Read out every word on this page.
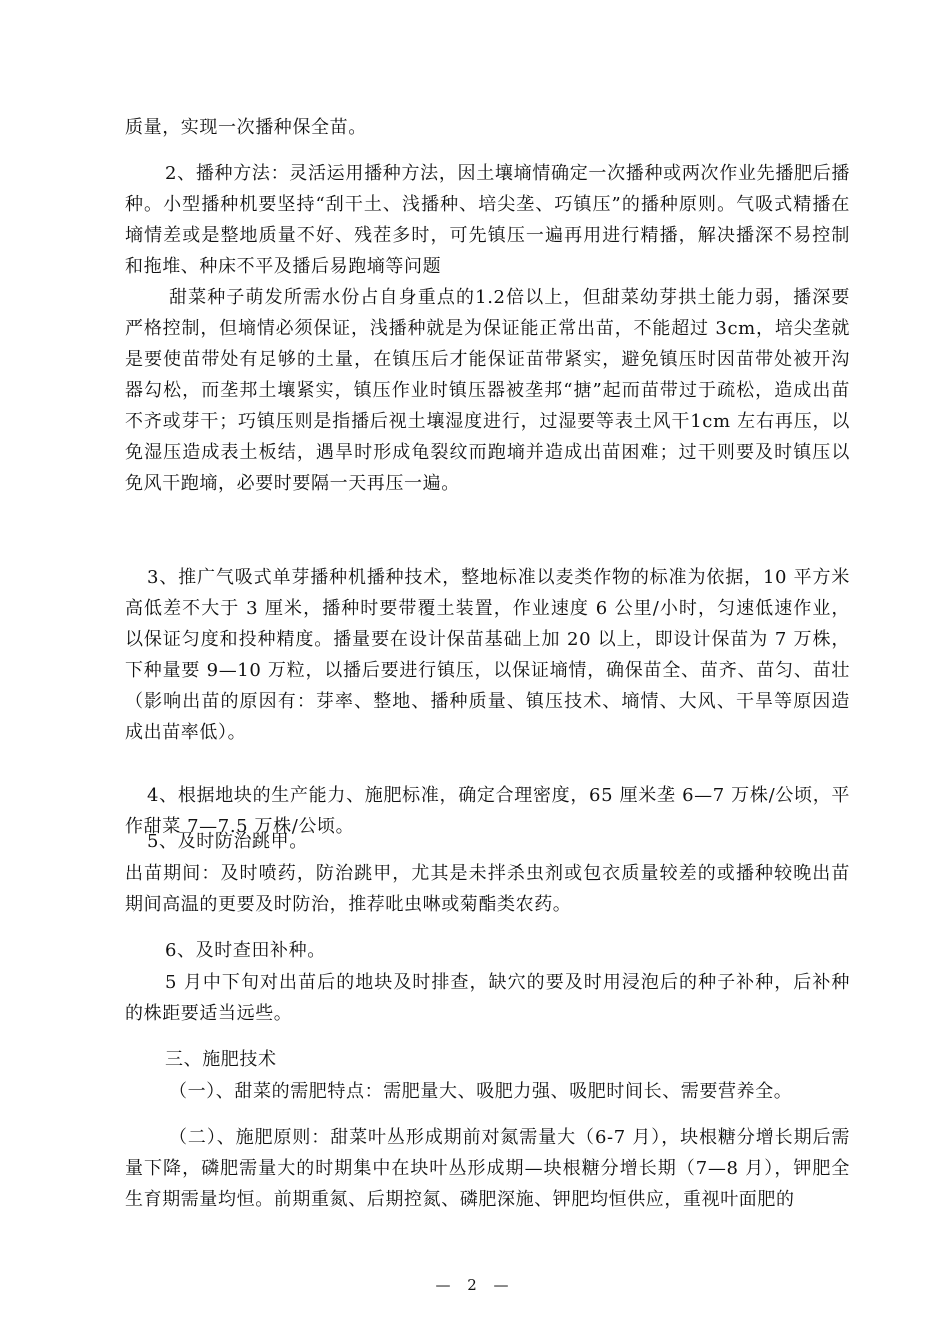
质量，实现一次播种保全苗。

2、播种方法：灵活运用播种方法，因土壤墒情确定一次播种或两次作业先播肥后播种。小型播种机要坚持“刮干土、浅播种、培尖垄、巧镇压”的播种原则。气吸式精播在墒情差或是整地质量不好、残茬多时，可先镇压一遍再用进行精播，解决播深不易控制和拖堆、种床不平及播后易跑墒等问题

甜菜种子萌发所需水份占自身重点的1.2倍以上，但甜菜幼芽拱土能力弱，播深要严格控制，但墒情必须保证，浅播种就是为保证能正常出苗，不能超过 3cm，培尖垄就是要使苗带处有足够的土量，在镇压后才能保证苗带紧实，避免镇压时因苗带处被开沟器勾松，而垄邦土壤紧实，镇压作业时镇压器被垄邦“搪”起而苗带过于疏松，造成出苗不齐或芽干；巧镇压则是指播后视土壤湿度进行，过湿要等表土风干1cm 左右再压，以免湿压造成表土板结，遇旱时形成龟裂纹而跑墒并造成出苗困难；过干则要及时镇压以免风干跑墒，必要时要隔一天再压一遍。

3、推广气吸式单芽播种机播种技术，整地标准以麦类作物的标准为依据，10 平方米高低差不大于 3 厘米，播种时要带覆土装置，作业速度 6 公里/小时，匀速低速作业，以保证匀度和投种精度。播量要在设计保苗基础上加 20 以上，即设计保苗为 7 万株，下种量要 9—10 万粒，以播后要进行镇压，以保证墒情，确保苗全、苗齐、苗匀、苗壮（影响出苗的原因有：芽率、整地、播种质量、镇压技术、墒情、大风、干旱等原因造成出苗率低）。

4、根据地块的生产能力、施肥标准，确定合理密度，65 厘米垄 6—7 万株/公顷，平作甜菜 7—7.5 万株/公顷。

5、及时防治跳甲。

出苗期间：及时喷药，防治跳甲，尤其是未拌杀虫剂或包衣质量较差的或播种较晚出苗期间高温的更要及时防治，推荐吡虫啉或菊酯类农药。

6、及时查田补种。

5 月中下旬对出苗后的地块及时排查，缺穴的要及时用浸泡后的种子补种，后补种的株距要适当远些。

三、施肥技术

（一）、甜菜的需肥特点：需肥量大、吸肥力强、吸肥时间长、需要营养全。

（二）、施肥原则：甜菜叶丛形成期前对氮需量大（6-7 月），块根糖分增长期后需量下降，磷肥需量大的时期集中在块叶丛形成期—块根糖分增长期（7—8 月），钾肥全生育期需量均恒。前期重氮、后期控氮、磷肥深施、钾肥均恒供应，重视叶面肥的

— 2 —
